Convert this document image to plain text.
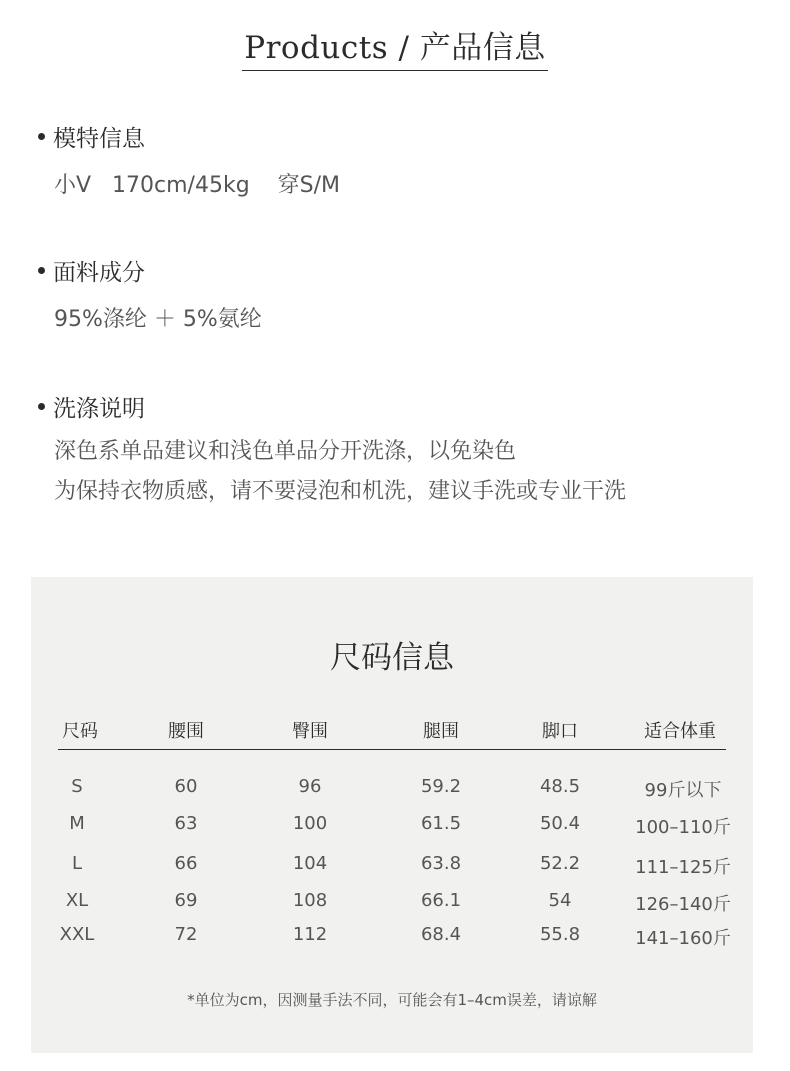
Products / 产品信息
模特信息
小V   170cm/45kg    穿S/M
面料成分
95%涤纶 ＋ 5%氨纶
洗涤说明
深色系单品建议和浅色单品分开洗涤，以免染色
为保持衣物质感，请不要浸泡和机洗，建议手洗或专业干洗
尺码信息
尺码	腰围	臀围	腿围	脚口	适合体重
S	60	96	59.2	48.5	99斤以下
M	63	100	61.5	50.4	100–110斤
L	66	104	63.8	52.2	111–125斤
XL	69	108	66.1	54	126–140斤
XXL	72	112	68.4	55.8	141–160斤
*单位为cm，因测量手法不同，可能会有1–4cm误差，请谅解
